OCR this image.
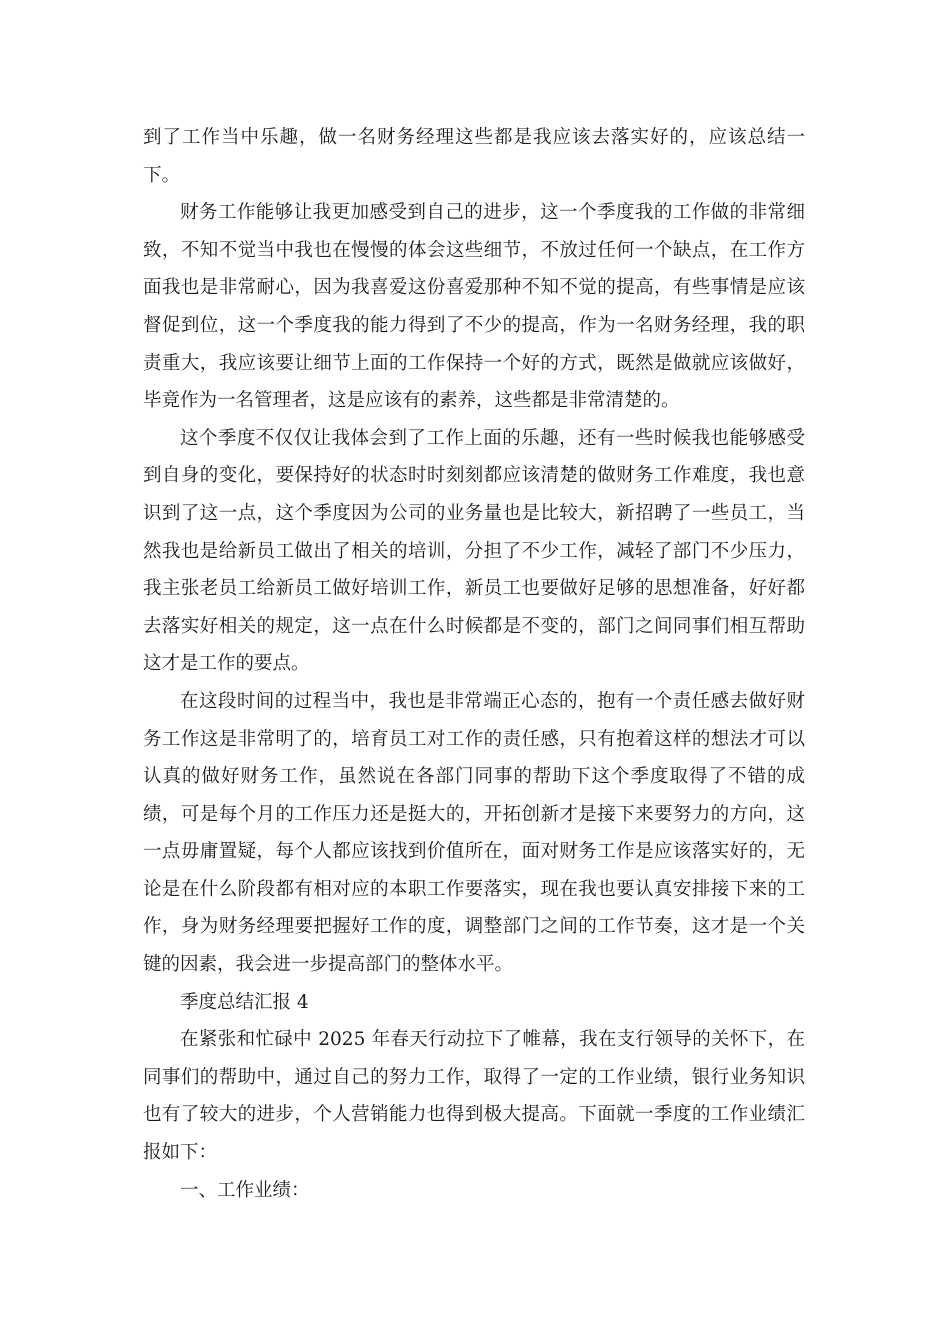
到了工作当中乐趣，做一名财务经理这些都是我应该去落实好的，应该总结一下。

财务工作能够让我更加感受到自己的进步，这一个季度我的工作做的非常细致，不知不觉当中我也在慢慢的体会这些细节，不放过任何一个缺点，在工作方面我也是非常耐心，因为我喜爱这份喜爱那种不知不觉的提高，有些事情是应该督促到位，这一个季度我的能力得到了不少的提高，作为一名财务经理，我的职责重大，我应该要让细节上面的工作保持一个好的方式，既然是做就应该做好，毕竟作为一名管理者，这是应该有的素养，这些都是非常清楚的。

这个季度不仅仅让我体会到了工作上面的乐趣，还有一些时候我也能够感受到自身的变化，要保持好的状态时时刻刻都应该清楚的做财务工作难度，我也意识到了这一点，这个季度因为公司的业务量也是比较大，新招聘了一些员工，当然我也是给新员工做出了相关的培训，分担了不少工作，减轻了部门不少压力，我主张老员工给新员工做好培训工作，新员工也要做好足够的思想准备，好好都去落实好相关的规定，这一点在什么时候都是不变的，部门之间同事们相互帮助这才是工作的要点。

在这段时间的过程当中，我也是非常端正心态的，抱有一个责任感去做好财务工作这是非常明了的，培育员工对工作的责任感，只有抱着这样的想法才可以认真的做好财务工作，虽然说在各部门同事的帮助下这个季度取得了不错的成绩，可是每个月的工作压力还是挺大的，开拓创新才是接下来要努力的方向，这一点毋庸置疑，每个人都应该找到价值所在，面对财务工作是应该落实好的，无论是在什么阶段都有相对应的本职工作要落实，现在我也要认真安排接下来的工作，身为财务经理要把握好工作的度，调整部门之间的工作节奏，这才是一个关键的因素，我会进一步提高部门的整体水平。

季度总结汇报 4

在紧张和忙碌中 2025 年春天行动拉下了帷幕，我在支行领导的关怀下，在同事们的帮助中，通过自己的努力工作，取得了一定的工作业绩，银行业务知识也有了较大的进步，个人营销能力也得到极大提高。下面就一季度的工作业绩汇报如下：

一、工作业绩：
